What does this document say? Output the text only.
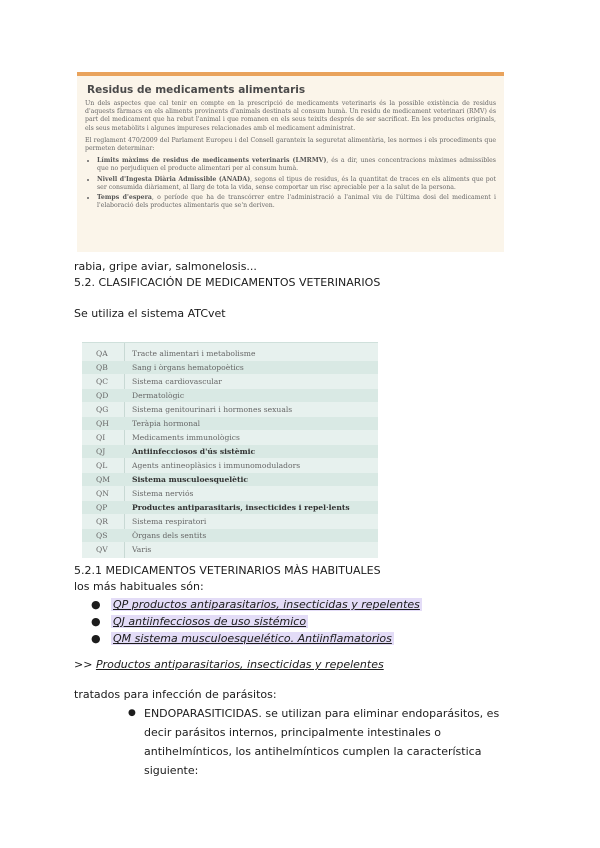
Residus de medicaments alimentaris

Un dels aspectes que cal tenir en compte en la prescripció de medicaments veterinaris és la possible existència de residus d'aquests fàrmacs en els aliments provinents d'animals destinats al consum humà. Un residu de medicament veterinari (RMV) és part del medicament que ha rebut l'animal i que romanen en els seus teixits després de ser sacrificat. En les productes originals, els seus metabòlits i algunes impureses relacionades amb el medicament administrat.

El reglament 470/2009 del Parlament Europeu i del Consell garanteix la seguretat alimentària, les normes i els procediments que permeten determinar:

• Límits màxims de residus de medicaments veterinaris (LMRMV), és a dir, unes concentracions màximes admissibles que no perjudiquen el producte alimentari per al consum humà.
• Nivell d'Ingesta Diària Admissible (ANADA), segons el tipus de residus, és la quantitat de traces en els aliments que pot ser consumida diàriament, al llarg de tota la vida, sense comportar un risc apreciable per a la salut de la persona.
• Temps d'espera, o període que ha de transcórrer entre l'administració a l'animal viu de l'última dosi del medicament i l'elaboració dels productes alimentaris que se'n deriven.
rabia, gripe aviar, salmonelosis...
5.2. CLASIFICACIÓN DE MEDICAMENTOS VETERINARIOS
Se utiliza el sistema ATCvet
QA	Tracte alimentari i metabolisme
QB	Sang i òrgans hematopoètics
QC	Sistema cardiovascular
QD	Dermatològic
QG	Sistema genitourinari i hormones sexuals
QH	Teràpia hormonal
QI	Medicaments immunològics
QJ	Antiinfecciosos d'ús sistèmic
QL	Agents antineoplàsics i immunomoduladors
QM	Sistema musculoesquelètic
QN	Sistema nerviós
QP	Productes antiparasitaris, insecticides i repel·lents
QR	Sistema respiratori
QS	Òrgans dels sentits
QV	Varis
5.2.1 MEDICAMENTOS VETERINARIOS MÀS HABITUALES
los más habituales són:
● QP productos antiparasitarios, insecticidas y repelentes
● QJ antiinfecciosos de uso sistémico
● QM sistema musculoesquelético. Antiinflamatorios
>> Productos antiparasitarios, insecticidas y repelentes
tratados para infección de parásitos:
● ENDOPARASITICIDAS. se utilizan para eliminar endoparásitos, es decir parásitos internos, principalmente intestinales o antihelmínticos, los antihelmínticos cumplen la característica siguiente:
